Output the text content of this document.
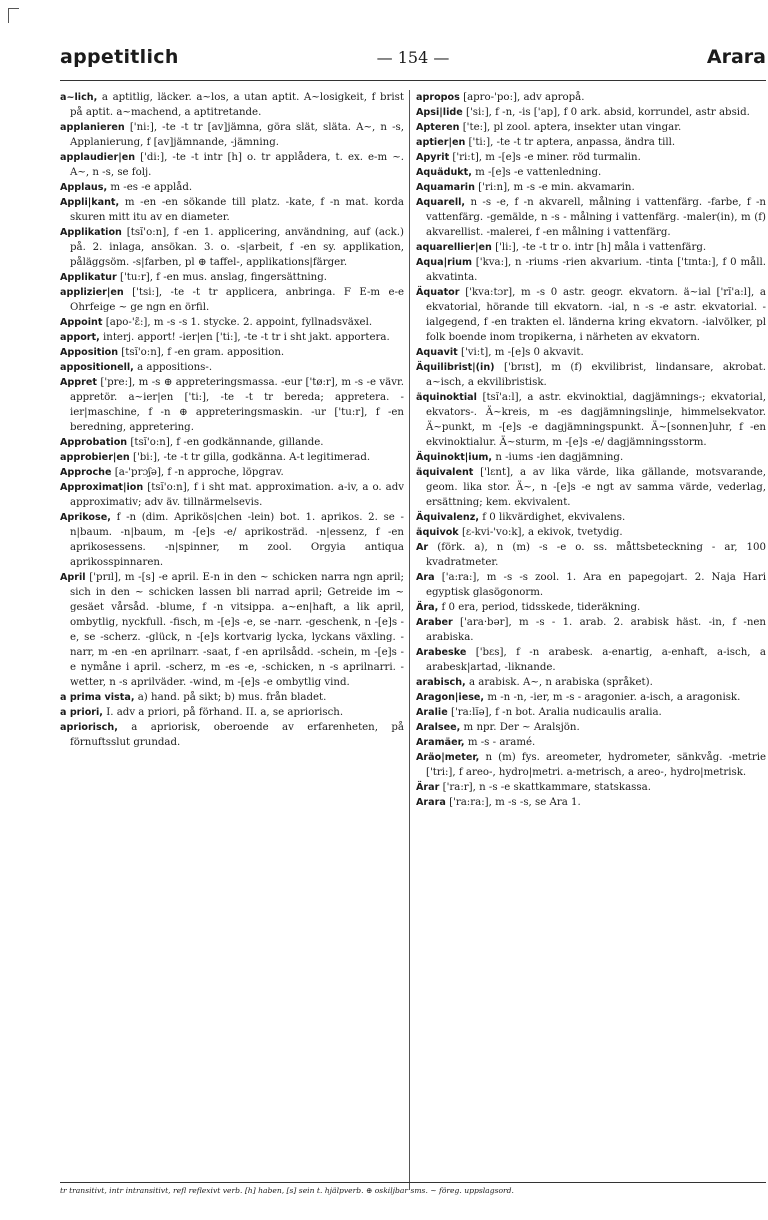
appetitlich	— 154 —	Arara
a~lich, a aptitlig, läcker. a~los, a utan aptit. A~losigkeit, f brist på aptit. a~machend, a aptitretande.
applanieren ['ni:], -te -t tr [av]jämna, göra slät, släta. A~, n -s, Applanierung, f [av]jämnande, -jämning.
applaudier|en ['di:], -te -t intr [h] o. tr applådera, t. ex. e-m ~. A~, n -s, se folj.
Applaus, m -es -e applåd.
Appli|kant, m -en -en sökande till platz. -kate, f -n mat. korda skuren mitt itu av en diameter.
Applikation [tsĭ'o:n], f -en 1. applicering, användning, auf (ack.) på. 2. inlaga, ansökan. 3. o. -s|arbeit, f -en sy. applikation, påläggsöm. -s|farben, pl ⊕ taffel-, applikations|färger.
Applikatur ['tu:r], f -en mus. anslag, fingersättning.
applizier|en ['tsi:], -te -t tr applicera, anbringa. F E-m e-e Ohrfeige ~ ge ngn en örfil.
Appoint [apo-'ε̃:], m -s -s 1. stycke. 2. appoint, fyllnadsväxel.
apport, interj. apport! -ier|en ['ti:], -te -t tr i sht jakt. apportera.
Apposition [tsĭ'o:n], f -en gram. apposition.
appositionell, a appositions-.
Appret ['pre:], m -s ⊕ appreteringsmassa. -eur ['tø:r], m -s -e vävr. appretör. a~ier|en ['ti:], -te -t tr bereda; appretera. -ier|maschine, f -n ⊕ appreteringsmaskin. -ur ['tu:r], f -en beredning, appretering.
Approbation [tsĭ'o:n], f -en godkännande, gillande.
approbier|en ['bi:], -te -t tr gilla, godkänna. A-t legitimerad.
Approche [a-'prɔʃə], f -n approche, löpgrav.
Approximat|ion [tsĭ'o:n], f i sht mat. approximation. a-iv, a o. adv approximativ; adv äv. tillnärmelsevis.
Aprikose, f -n (dim. Aprikös|chen -lein) bot. 1. aprikos. 2. se -n|baum. -n|baum, m -[e]s -e/ aprikosträd. -n|essenz, f -en aprikosessens. -n|spinner, m zool. Orgyia antiqua aprikosspinnaren.
April ['prɪl], m -[s] -e april. E-n in den ~ schicken narra ngn april; sich in den ~ schicken lassen bli narrad april; Getreide im ~ gesäet vårsåd. -blume, f -n vitsippa. a~en|haft, a lik april, ombytlig, nyckfull. -fisch, m -[e]s -e, se -narr. -geschenk, n -[e]s -e, se -scherz. -glück, n -[e]s kortvarig lycka, lyckans växling. -narr, m -en -en aprilnarr. -saat, f -en aprilsådd. -schein, m -[e]s -e nymåne i april. -scherz, m -es -e, -schicken, n -s aprilnarri. -wetter, n -s aprilväder. -wind, m -[e]s -e ombytlig vind.
a prima vista, a) hand. på sikt; b) mus. från bladet.
a priori, I. adv a priori, på förhand. II. a, se apriorisch.
apriorisch, a apriorisk, oberoende av erfarenheten, på förnuftsslut grundad.
apropos [apro-'po:], adv apropå.
Apsi|lide ['si:], f -n, -is ['ap], f 0 ark. absid, korrundel, astr absid.
Apteren ['te:], pl zool. aptera, insekter utan vingar.
aptier|en ['ti:], -te -t tr aptera, anpassa, ändra till.
Apyrit ['ri:t], m -[e]s -e miner. röd turmalin.
Aquädukt, m -[e]s -e vattenledning.
Aquamarin ['ri:n], m -s -e min. akvamarin.
Aquarell, n -s -e, f -n akvarell, målning i vattenfärg. -farbe, f -n vattenfärg. -gemälde, n -s - målning i vattenfärg. -maler(in), m (f) akvarellist. -malerei, f -en målning i vattenfärg.
aquarellier|en ['li:], -te -t tr o. intr [h] måla i vattenfärg.
Aqua|rium ['kva:], n -riums -rien akvarium. -tinta ['tɪnta:], f 0 måll. akvatinta.
Äquator ['kva:tɔr], m -s 0 astr. geogr. ekvatorn. ä~ial ['rĭ'a:l], a ekvatorial, hörande till ekvatorn. -ial, n -s -e astr. ekvatorial. -ialgegend, f -en trakten el. länderna kring ekvatorn. -ialvölker, pl folk boende inom tropikerna, i närheten av ekvatorn.
Aquavit ['vi:t], m -[e]s 0 akvavit.
Äquilibrist|(in) ['brɪst], m (f) ekvilibrist, lindansare, akrobat. a~isch, a ekvilibristisk.
äquinoktial [tsĭ'a:l], a astr. ekvinoktial, dagjämnings-; ekvatorial, ekvators-. Ä~kreis, m -es dagjämningslinje, himmelsekvator. Ä~punkt, m -[e]s -e dagjämningspunkt. Ä~[sonnen]uhr, f -en ekvinoktialur. Ä~sturm, m -[e]s -e/ dagjämningsstorm.
Äquinokt|ium, n -iums -ien dagjämning.
äquivalent ['lɛnt], a av lika värde, lika gällande, motsvarande, geom. lika stor. Ä~, n -[e]s -e ngt av samma värde, vederlag, ersättning; kem. ekvivalent.
Äquivalenz, f 0 likvärdighet, ekvivalens.
äquivok [ε-kvi-'vo:k], a ekivok, tvetydig.
Ar (förk. a), n (m) -s -e o. ss. måttsbeteckning - ar, 100 kvadratmeter.
Ara ['a:ra:], m -s -s zool. 1. Ara en papegojart. 2. Naja Hari egyptisk glasögonorm.
Ära, f 0 era, period, tidsskede, tideräkning.
Araber ['ara·bər], m -s - 1. arab. 2. arabisk häst. -in, f -nen arabiska.
Arabeske ['bɛs], f -n arabesk. a-enartig, a-enhaft, a-isch, a arabesk|artad, -liknande.
arabisch, a arabisk. A~, n arabiska (språket).
Aragon|iese, m -n -n, -ier, m -s - aragonier. a-isch, a aragonisk.
Aralie ['ra:lĭə], f -n bot. Aralia nudicaulis aralia.
Aralsee, m npr. Der ~ Aralsjön.
Aramäer, m -s - aramé.
Aräo|meter, n (m) fys. areometer, hydrometer, sänkvåg. -metrie ['tri:], f areo-, hydro|metri. a-metrisch, a areo-, hydro|metrisk.
Ärar ['ra:r], n -s -e skattkammare, statskassa.
Arara ['ra:ra:], m -s -s, se Ara 1.
tr transitivt, intr intransitivt, refl reflexivt verb. [h] haben, [s] sein t. hjälpverb. ⊕ oskiljbar sms. ~ föreg. uppslagsord.
